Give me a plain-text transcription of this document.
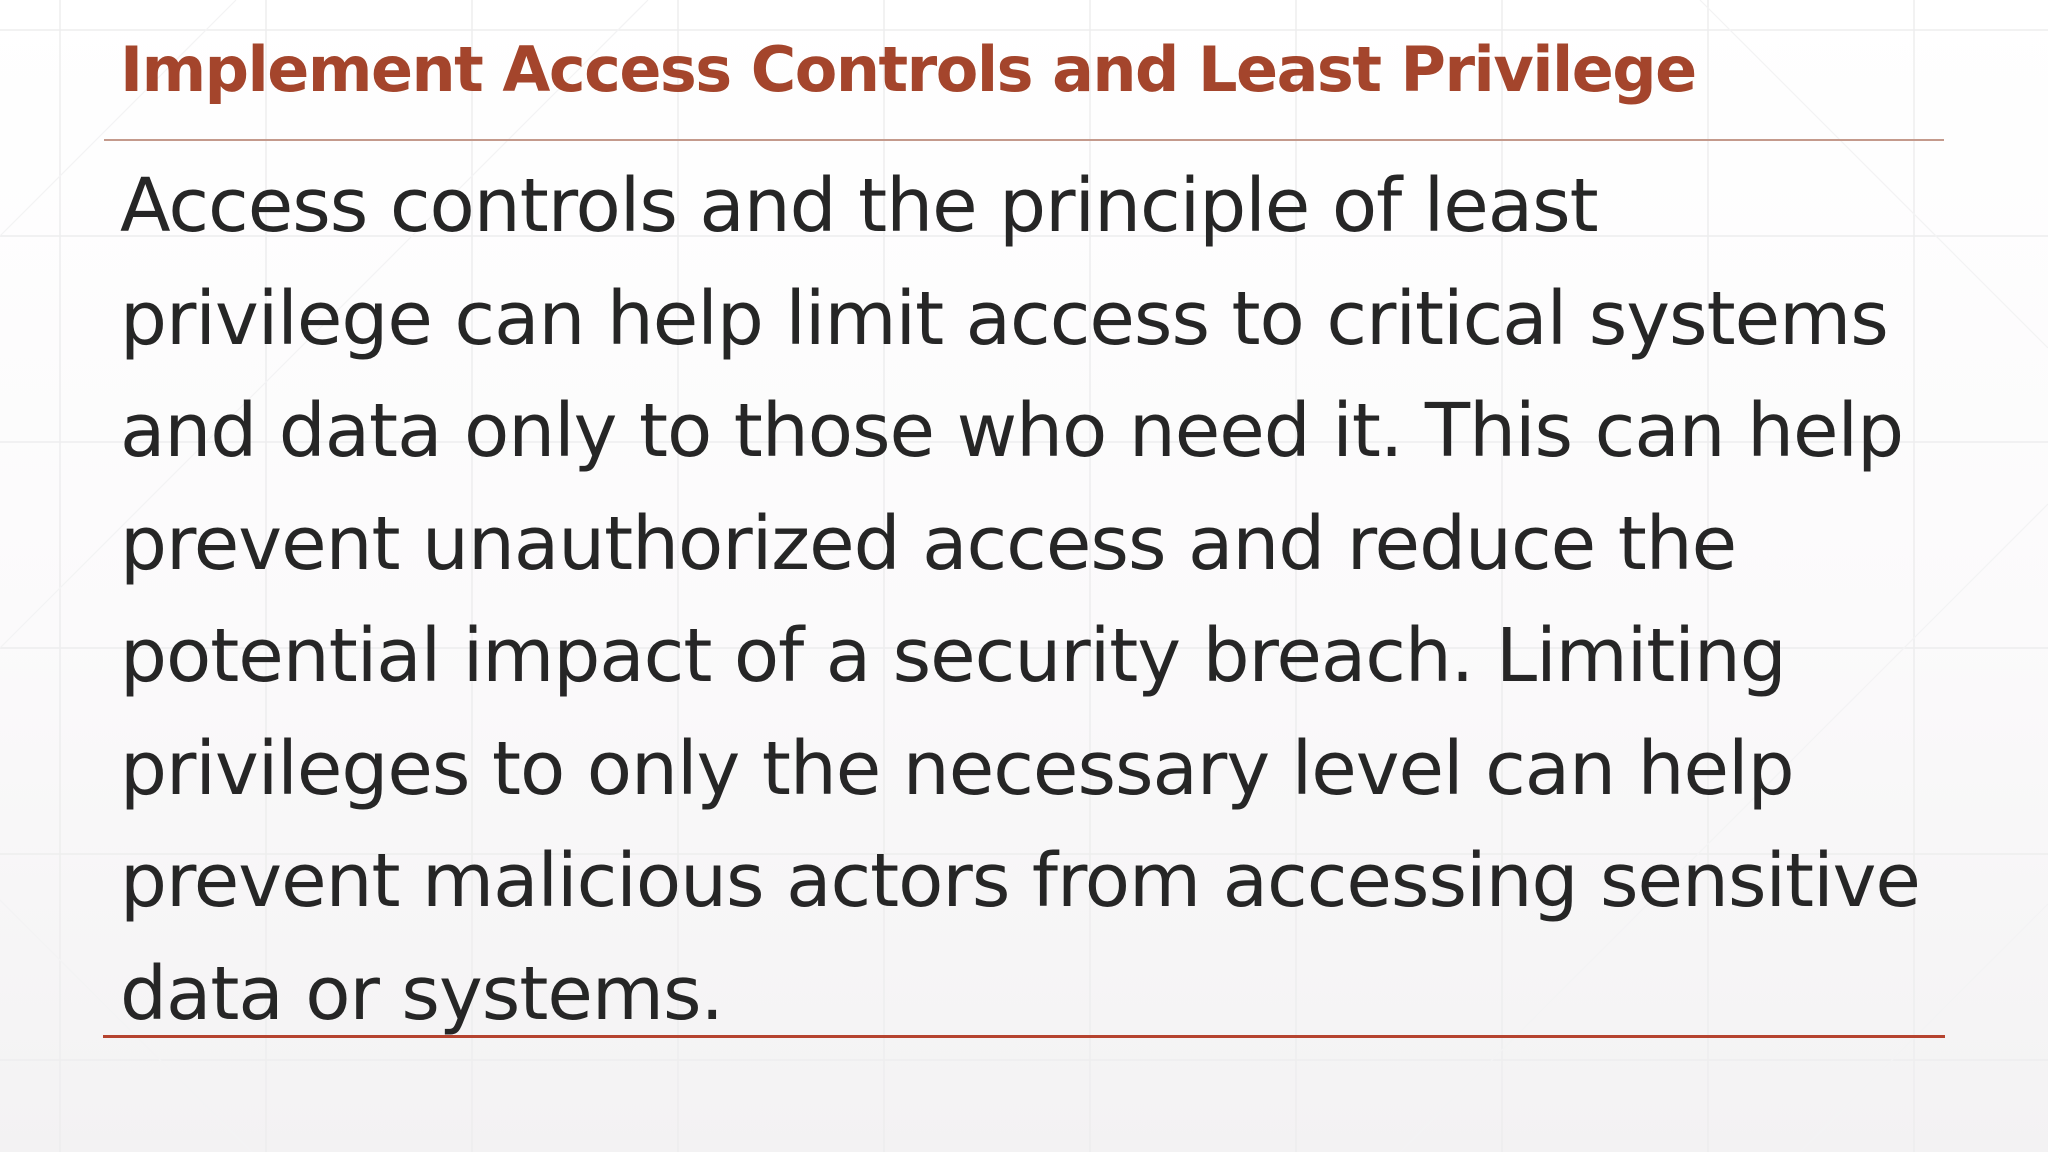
Implement Access Controls and Least Privilege

Access controls and the principle of least privilege can help limit access to critical systems and data only to those who need it. This can help prevent unauthorized access and reduce the potential impact of a security breach. Limiting privileges to only the necessary level can help prevent malicious actors from accessing sensitive data or systems.
